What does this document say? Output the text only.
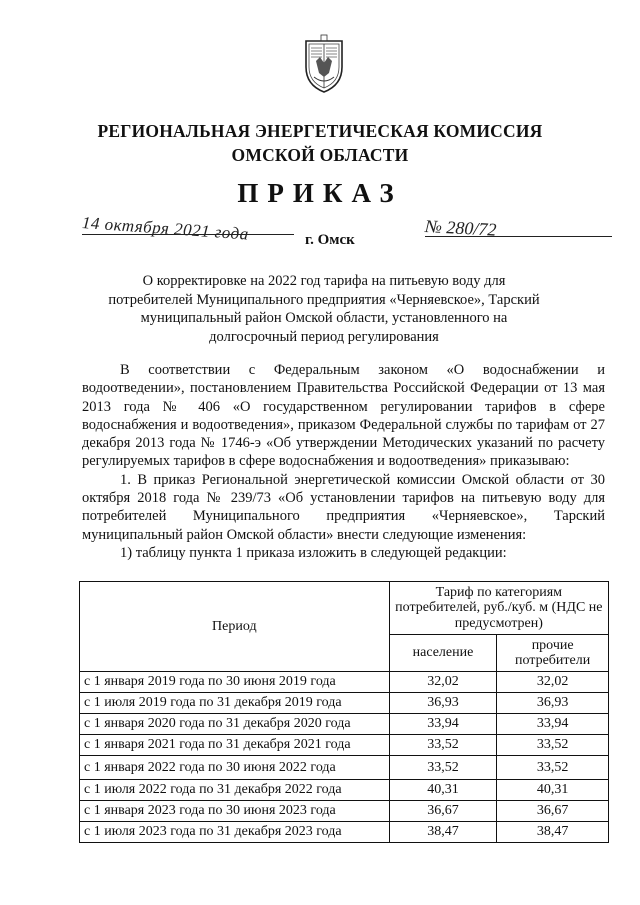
РЕГИОНАЛЬНАЯ ЭНЕРГЕТИЧЕСКАЯ КОМИССИЯ
ОМСКОЙ ОБЛАСТИ
ПРИКАЗ
14 октября 2021 года	г. Омск
№ 280/72
О корректировке на 2022 год тарифа на питьевую воду для потребителей Муниципального предприятия «Черняевское», Тарский муниципальный район Омской области, установленного на долгосрочный период регулирования

В соответствии с Федеральным законом «О водоснабжении и водоотведении», постановлением Правительства Российской Федерации от 13 мая 2013 года № 406 «О государственном регулировании тарифов в сфере водоснабжения и водоотведения», приказом Федеральной службы по тарифам от 27 декабря 2013 года № 1746-э «Об утверждении Методических указаний по расчету регулируемых тарифов в сфере водоснабжения и водоотведения» приказываю:

1. В приказ Региональной энергетической комиссии Омской области от 30 октября 2018 года № 239/73 «Об установлении тарифов на питьевую воду для потребителей Муниципального предприятия «Черняевское», Тарский муниципальный район Омской области» внести следующие изменения:

1) таблицу пункта 1 приказа изложить в следующей редакции:

Период	Тариф по категориям потребителей, руб./куб. м (НДС не предусмотрен)	
	население	прочие потребители
с 1 января 2019 года по 30 июня 2019 года	32,02	32,02
с 1 июля 2019 года по 31 декабря 2019 года	36,93	36,93
с 1 января 2020 года по 31 декабря 2020 года	33,94	33,94
с 1 января 2021 года по 31 декабря 2021 года	33,52	33,52
с 1 января 2022 года по 30 июня 2022 года	33,52	33,52
с 1 июля 2022 года по 31 декабря 2022 года	40,31	40,31
с 1 января 2023 года по 30 июня 2023 года	36,67	36,67
с 1 июля 2023 года по 31 декабря 2023 года	38,47	38,47
